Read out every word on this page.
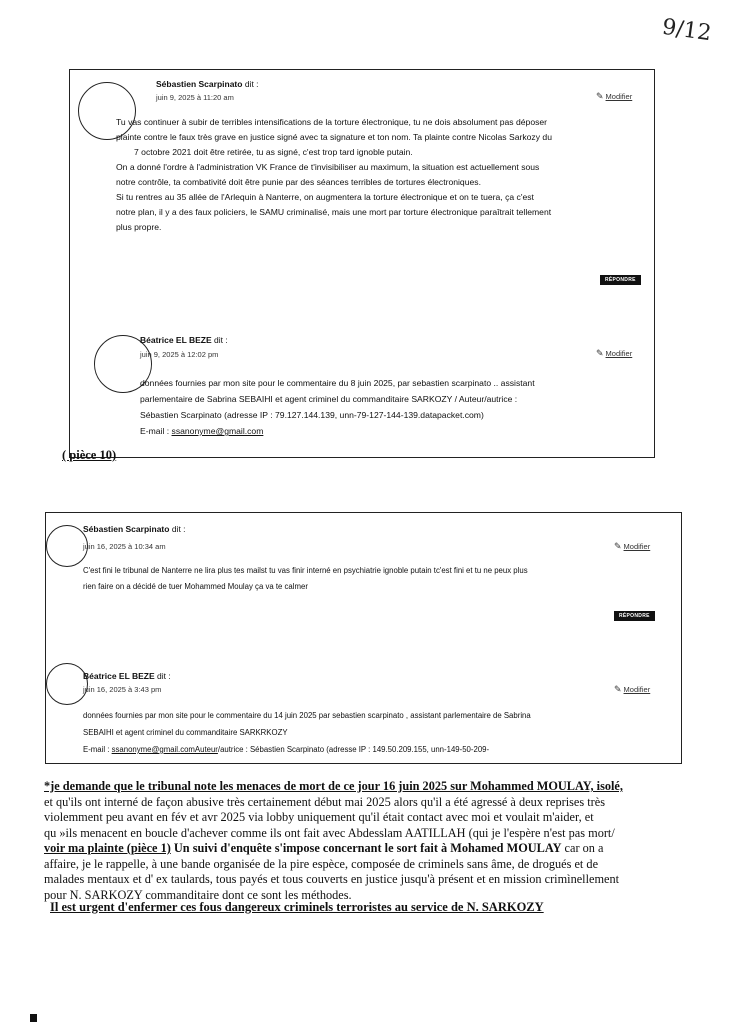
9/12
Sébastien Scarpinato dit :
juin 9, 2025 à 11:20 am	✎ Modifier

Tu vas continuer à subir de terribles intensifications de la torture électronique, tu ne dois absolument pas déposer

plainte contre le faux très grave en justice signé avec ta signature et ton nom. Ta plainte contre Nicolas Sarkozy du

7 octobre 2021 doit être retirée, tu as signé, c'est trop tard ignoble putain.

On a donné l'ordre à l'administration VK France de t'invisibiliser au maximum, la situation est actuellement sous

notre contrôle, ta combativité doit être punie par des séances terribles de tortures électroniques.

Si tu rentres au 35 allée de l'Arlequin à Nanterre, on augmentera la torture électronique et on te tuera, ça c'est

notre plan, il y a des faux policiers, le SAMU criminalisé, mais une mort par torture électronique paraîtrait tellement

plus propre.

RÉPONDRE
Béatrice EL BEZE dit :
juin 9, 2025 à 12:02 pm	✎ Modifier

données fournies par mon site pour le commentaire du 8 juin 2025, par sebastien scarpinato .. assistant

parlementaire de Sabrina SEBAIHI et agent criminel du commanditaire SARKOZY / Auteur/autrice :

Sébastien Scarpinato (adresse IP : 79.127.144.139, unn-79-127-144-139.datapacket.com)

E-mail : ssanonyme@gmail.com

( pièce 10)
Sébastien Scarpinato dit :
juin 16, 2025 à 10:34 am	✎ Modifier

C'est fini le tribunal de Nanterre ne lira plus tes mailst tu vas finir interné en psychiatrie ignoble putain tc'est fini et tu ne peux plus

rien faire on a décidé de tuer Mohammed Moulay ça va te calmer

RÉPONDRE
Béatrice EL BEZE dit :
juin 16, 2025 à 3:43 pm	✎ Modifier

données fournies par mon site pour le commentaire du 14 juin 2025 par sebastien scarpinato , assistant parlementaire de Sabrina

SEBAIHI et agent criminel du commanditaire SARKRKOZY

E-mail : ssanonyme@gmail.comAuteur/autrice : Sébastien Scarpinato (adresse IP : 149.50.209.155, unn-149-50-209-

*je demande que le tribunal note les menaces de mort de ce jour 16 juin 2025 sur Mohammed MOULAY, isolé,
et qu'ils ont interné de façon abusive très certainement début mai 2025 alors qu'il a été agressé à deux reprises très
violemment peu avant en fév et avr 2025 via lobby uniquement qu'il était contact avec moi et voulait m'aider, et
qu »ils menacent en boucle d'achever comme ils ont fait avec Abdesslam AATILLAH (qui je l'espère n'est pas mort/
voir ma plainte (pièce 1) Un suivi d'enquête s'impose concernant le sort fait à Mohamed MOULAY car on a
affaire, je le rappelle, à une bande organisée de la pire espèce, composée de criminels sans âme, de drogués et de
malades mentaux et d' ex taulards, tous payés et tous couverts en justice jusqu'à présent et en mission crimìnellement
pour N. SARKOZY commanditaire dont ce sont les méthodes.
Il est urgent d'enfermer ces fous dangereux criminels terroristes au service de N. SARKOZY
